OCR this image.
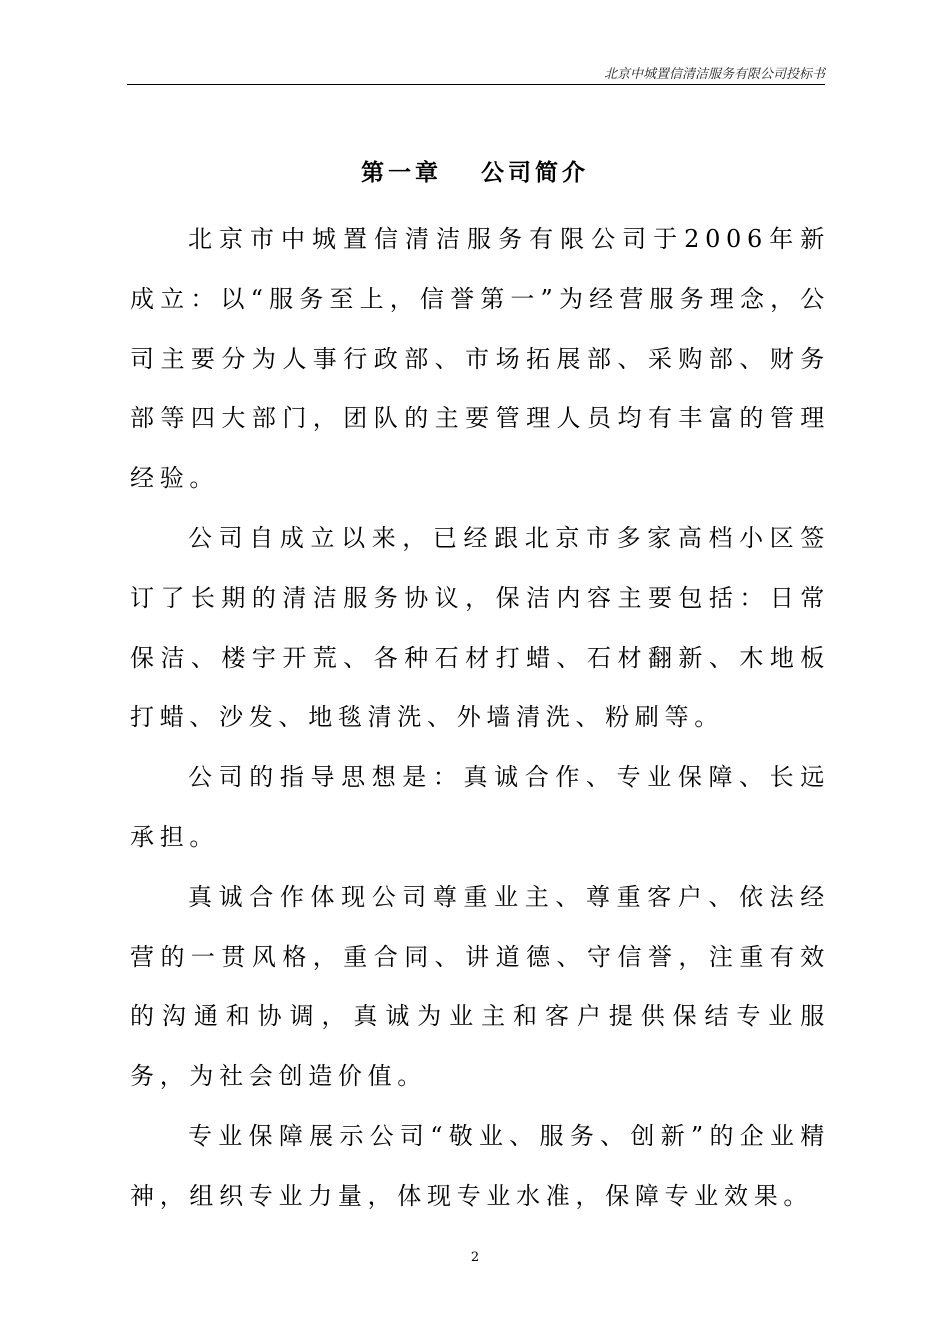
北京中城置信清洁服务有限公司投标书
第一章　 公司简介

北京市中城置信清洁服务有限公司于2006年新成立：以“服务至上，信誉第一”为经营服务理念，公司主要分为人事行政部、市场拓展部、采购部、财务部等四大部门，团队的主要管理人员均有丰富的管理经验。

公司自成立以来，已经跟北京市多家高档小区签订了长期的清洁服务协议，保洁内容主要包括：日常保洁、楼宇开荒、各种石材打蜡、石材翻新、木地板打蜡、沙发、地毯清洗、外墙清洗、粉刷等。

公司的指导思想是：真诚合作、专业保障、长远承担。

真诚合作体现公司尊重业主、尊重客户、依法经营的一贯风格，重合同、讲道德、守信誉，注重有效的沟通和协调，真诚为业主和客户提供保结专业服务，为社会创造价值。

专业保障展示公司“敬业、服务、创新”的企业精神，组织专业力量，体现专业水准，保障专业效果。

2
